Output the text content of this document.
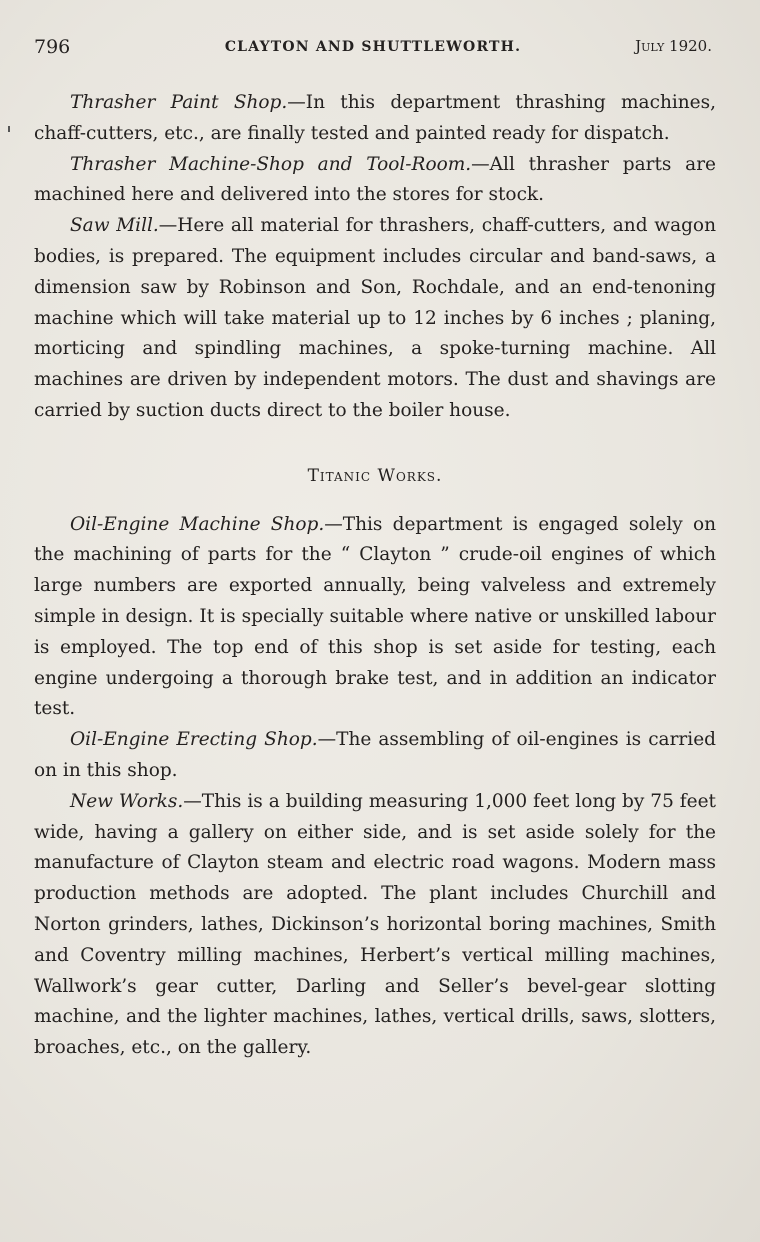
796	CLAYTON AND SHUTTLEWORTH.	July 1920.

Thrasher Paint Shop.—In this department thrashing machines, chaff-cutters, etc., are finally tested and painted ready for dispatch.

Thrasher Machine-Shop and Tool-Room.—All thrasher parts are machined here and delivered into the stores for stock.

Saw Mill.—Here all material for thrashers, chaff-cutters, and wagon bodies, is prepared. The equipment includes circular and band-saws, a dimension saw by Robinson and Son, Rochdale, and an end-tenoning machine which will take material up to 12 inches by 6 inches ; planing, morticing and spindling machines, a spoke-turning machine. All machines are driven by independent motors. The dust and shavings are carried by suction ducts direct to the boiler house.

Titanic Works.

Oil-Engine Machine Shop.—This department is engaged solely on the machining of parts for the “ Clayton ” crude-oil engines of which large numbers are exported annually, being valveless and extremely simple in design. It is specially suitable where native or unskilled labour is employed. The top end of this shop is set aside for testing, each engine undergoing a thorough brake test, and in addition an indicator test.

Oil-Engine Erecting Shop.—The assembling of oil-engines is carried on in this shop.

New Works.—This is a building measuring 1,000 feet long by 75 feet wide, having a gallery on either side, and is set aside solely for the manufacture of Clayton steam and electric road wagons. Modern mass production methods are adopted. The plant includes Churchill and Norton grinders, lathes, Dickinson’s horizontal boring machines, Smith and Coventry milling machines, Herbert’s vertical milling machines, Wallwork’s gear cutter, Darling and Seller’s bevel-gear slotting machine, and the lighter machines, lathes, vertical drills, saws, slotters, broaches, etc., on the gallery.
